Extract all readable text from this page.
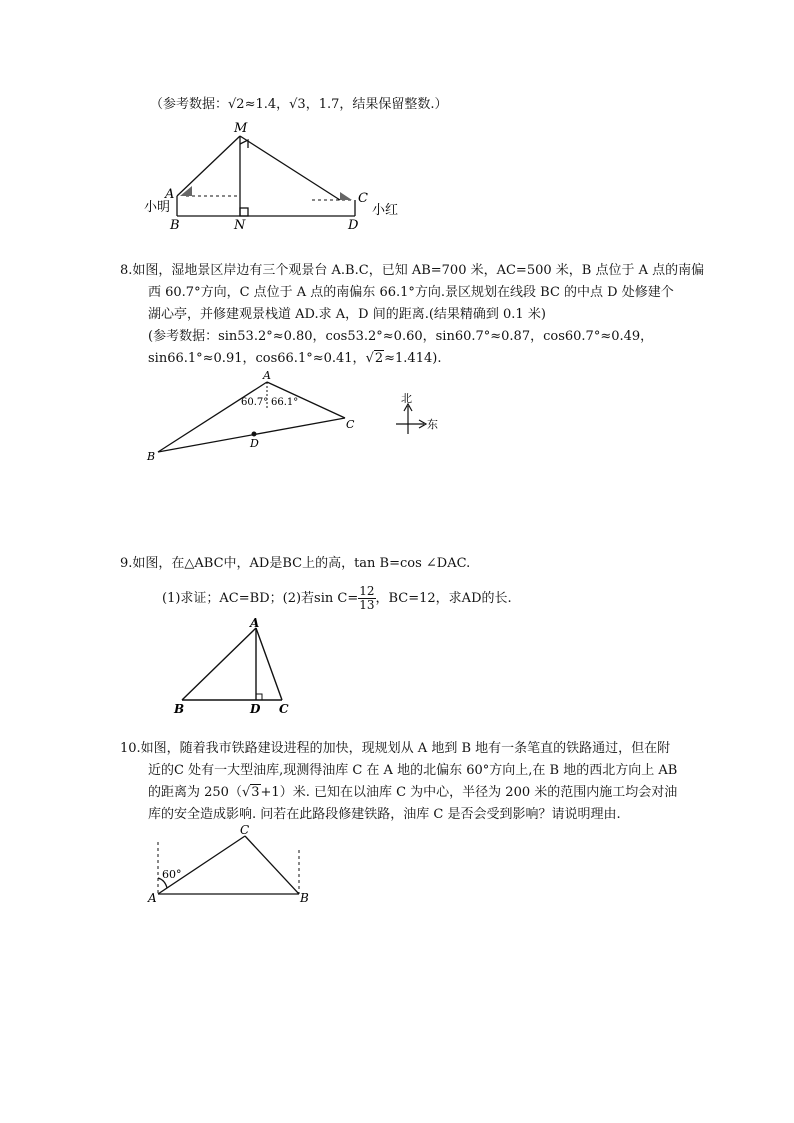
（参考数据：√2≈1.4，√3，1.7，结果保留整数.）
M
A	C
B	N	D
小明	小红
8.如图，湿地景区岸边有三个观景台 A.B.C，已知 AB=700 米，AC=500 米，B 点位于 A 点的南偏
西 60.7°方向，C 点位于 A 点的南偏东 66.1°方向.景区规划在线段 BC 的中点 D 处修建个
湖心亭，并修建观景栈道 AD.求 A，D 间的距离.(结果精确到 0.1 米)
(参考数据：sin53.2°≈0.80，cos53.2°≈0.60，sin60.7°≈0.87，cos60.7°≈0.49，
sin66.1°≈0.91，cos66.1°≈0.41，√2≈1.414).
A
B
C
D
60.7° 66.1°	北
东
9.如图，在△ABC中，AD是BC上的高，tan B=cos ∠DAC.
(1)求证；AC=BD；(2)若$\sin C= \frac{12}{13}$ ，BC=12，求AD的长.
A
B	D C
10.如图，随着我市铁路建设进程的加快，现规划从 A 地到 B 地有一条笔直的铁路通过，但在附
近的C 处有一大型油库,现测得油库 C 在 A 地的北偏东 60°方向上,在 B 地的西北方向上 AB
的距离为 250（√3+1）米. 已知在以油库 C 为中心，半径为 200 米的范围内施工均会对油
库的安全造成影响. 问若在此路段修建铁路，油库 C 是否会受到影响？请说明理由.
C
A	B
60°
